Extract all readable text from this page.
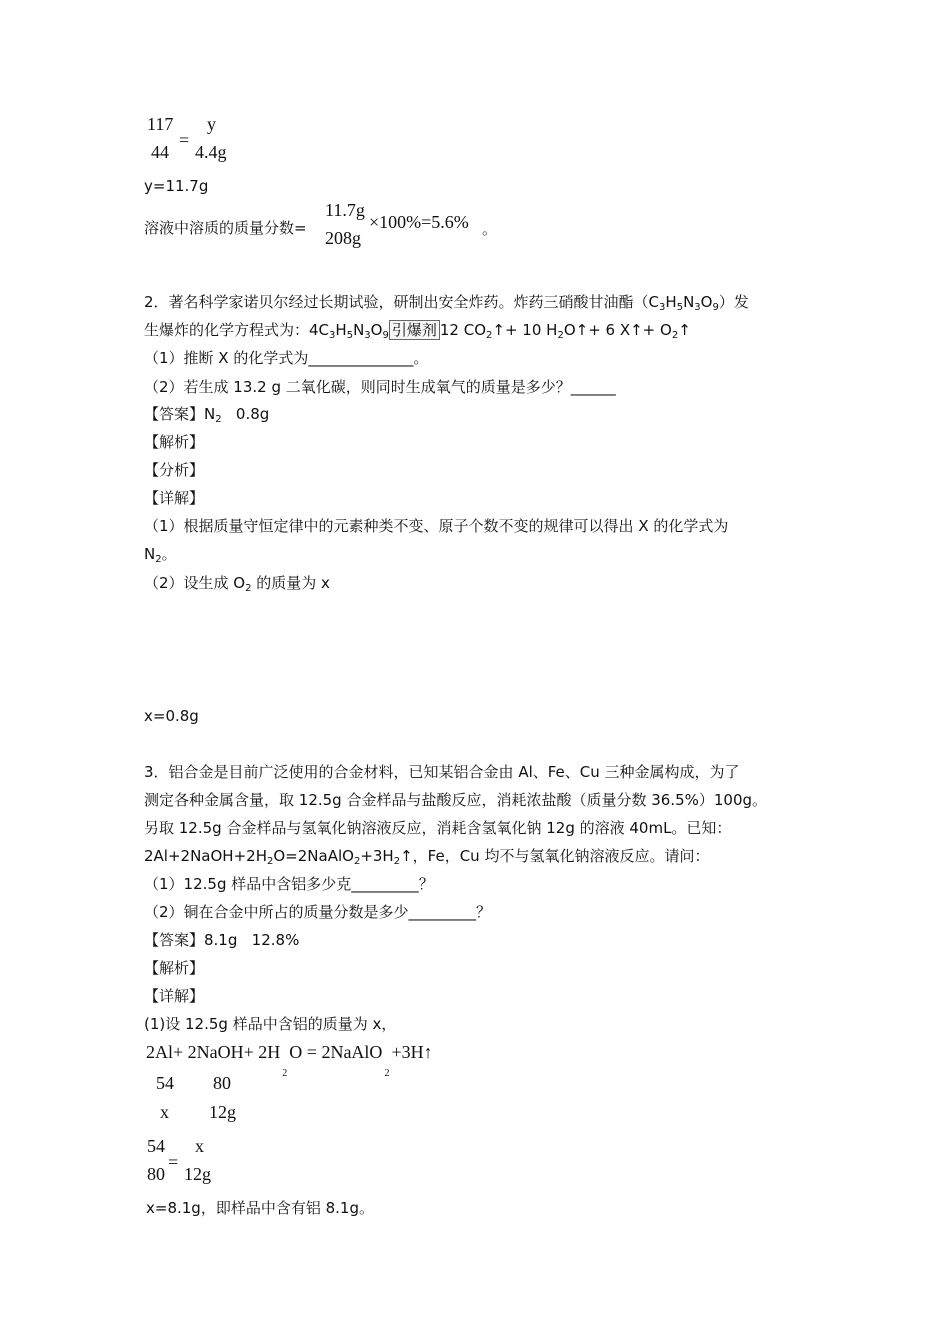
117
44
=
y
4.4g
y=11.7g
溶液中溶质的质量分数=
11.7g
208g
×100%=5.6% 。
2．著名科学家诺贝尔经过长期试验，研制出安全炸药。炸药三硝酸甘油酯$(C_3H_5N_3O_9)$发
生爆炸的化学方程式为：$4C_3H_5N_3O_9$ 引爆剂 12 $CO_2↑+ 10$ $H_2O↑+ 6$ X↑+ $O_2↑$
（1）推断 X 的化学式为______________。
（2）若生成 13.2 g 二氧化碳，则同时生成氧气的质量是多少？______
【答案】$N_2$   0.8g
【解析】
【分析】
【详解】
（1）根据质量守恒定律中的元素种类不变、原子个数不变的规律可以得出 X 的化学式为
$N_2$。
（2）设生成 $O_2$ 的质量为 x
x=0.8g
3．铝合金是目前广泛使用的合金材料，已知某铝合金由 Al、Fe、Cu 三种金属构成，为了
测定各种金属含量，取 12.5g 合金样品与盐酸反应，消耗浓盐酸（质量分数 36.5%）100g。
另取 12.5g 合金样品与氢氧化钠溶液反应，消耗含氢氧化钠 12g 的溶液 40mL。已知：
$2Al+2NaOH+2H_2O=2NaAlO_2+3H_2↑$，Fe，Cu 均不与氢氧化钠溶液反应。请问：
（1）12.5g 样品中含铝多少克_________？
（2）铜在合金中所占的质量分数是多少_________？
【答案】8.1g   12.8%
【解析】
【详解】
(1)设 12.5g 样品中含铝的质量为 x，
2Al+ 2NaOH+ $2H_2O$ = 2NaAlO$_2$+3H↑
54 80
x 12g
54
80
=
x
12g
x=8.1g，即样品中含有铝 8.1g。
